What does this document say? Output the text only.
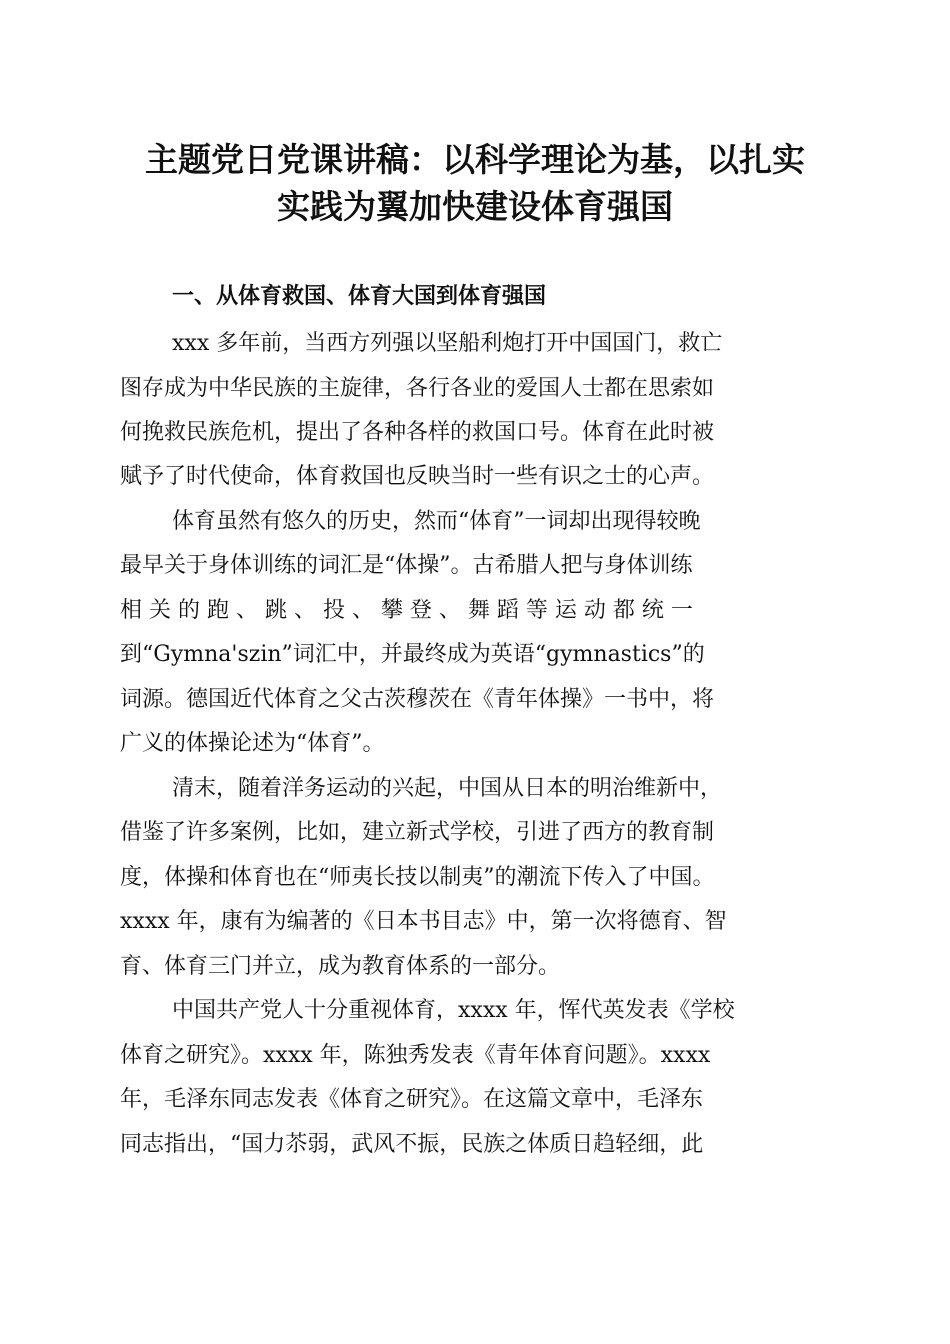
主题党日党课讲稿：以科学理论为基，以扎实
实践为翼加快建设体育强国
一、从体育救国、体育大国到体育强国

xxx 多年前，当西方列强以坚船利炮打开中国国门，救亡

图存成为中华民族的主旋律，各行各业的爱国人士都在思索如

何挽救民族危机，提出了各种各样的救国口号。体育在此时被

赋予了时代使命，体育救国也反映当时一些有识之士的心声。

体育虽然有悠久的历史，然而“体育”一词却出现得较晚

最早关于身体训练的词汇是“体操”。古希腊人把与身体训练

相 关 的 跑 、 跳 、 投 、 攀 登 、 舞 蹈 等 运 动 都 统 一

到“Gymna'szin”词汇中，并最终成为英语“gymnastics”的

词源。德国近代体育之父古茨穆茨在《青年体操》一书中，将

广义的体操论述为“体育”。

清末，随着洋务运动的兴起，中国从日本的明治维新中，

借鉴了许多案例，比如，建立新式学校，引进了西方的教育制

度，体操和体育也在“师夷长技以制夷”的潮流下传入了中国。

xxxx 年，康有为编著的《日本书目志》中，第一次将德育、智

育、体育三门并立，成为教育体系的一部分。

中国共产党人十分重视体育，xxxx 年，恽代英发表《学校

体育之研究》。xxxx 年，陈独秀发表《青年体育问题》。xxxx

年，毛泽东同志发表《体育之研究》。在这篇文章中，毛泽东

同志指出，“国力苶弱，武风不振，民族之体质日趋轻细，此
